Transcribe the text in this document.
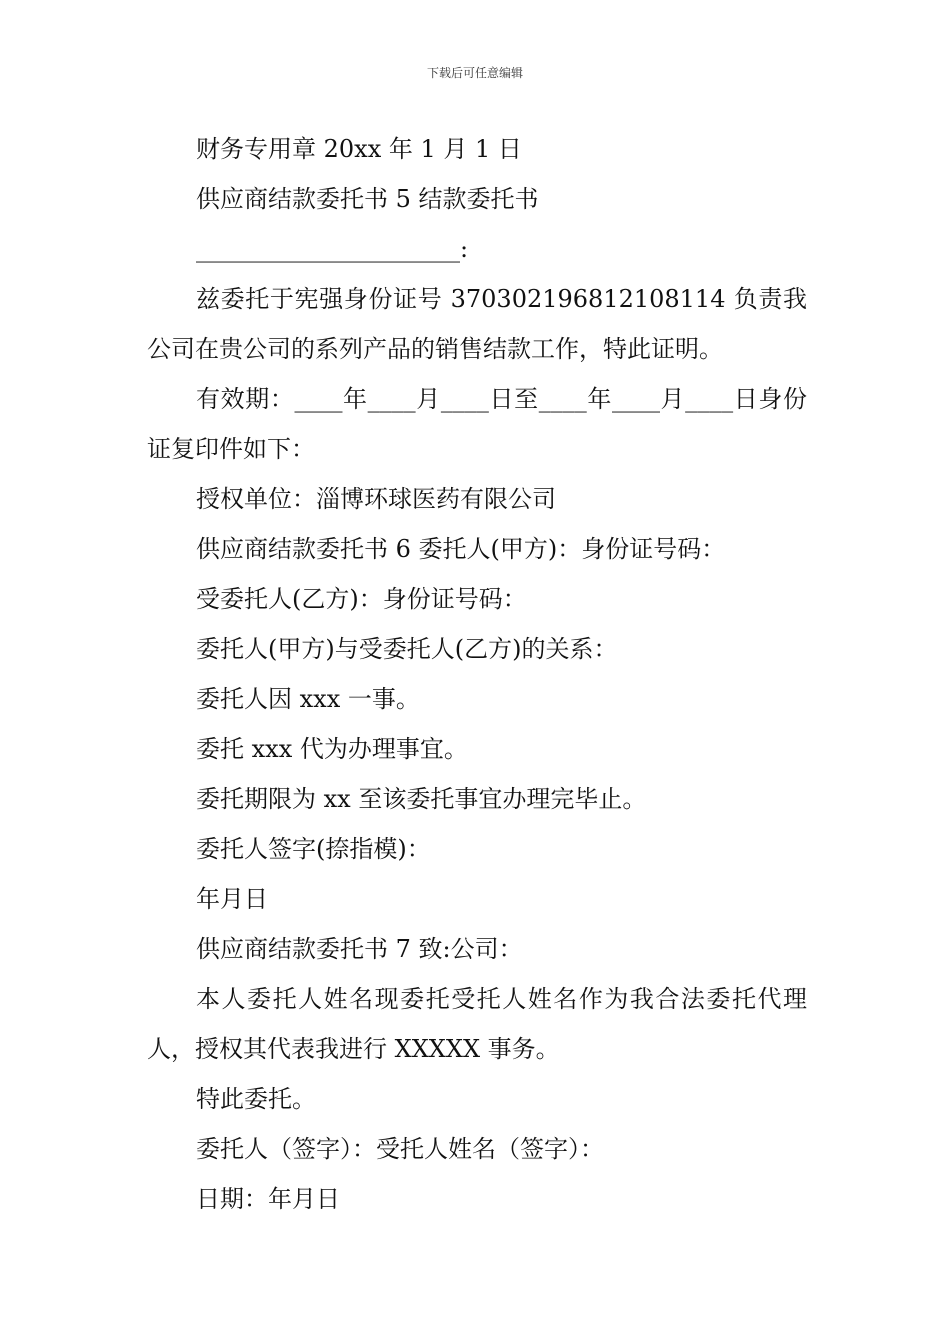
下载后可任意编辑

财务专用章 20xx 年 1 月 1 日

供应商结款委托书 5 结款委托书

______________________:

兹委托于宪强身份证号 370302196812108114 负责我公司在贵公司的系列产品的销售结款工作，特此证明。

有效期：____年____月____日至____年____月____日身份证复印件如下：

授权单位：淄博环球医药有限公司

供应商结款委托书 6 委托人(甲方)：身份证号码：

受委托人(乙方)：身份证号码：

委托人(甲方)与受委托人(乙方)的关系：

委托人因 xxx 一事。

委托 xxx 代为办理事宜。

委托期限为 xx 至该委托事宜办理完毕止。

委托人签字(捺指模)：

年月日

供应商结款委托书 7 致:公司：

本人委托人姓名现委托受托人姓名作为我合法委托代理人，授权其代表我进行 XXXXX 事务。

特此委托。

委托人（签字）：受托人姓名（签字）：

日期：年月日
